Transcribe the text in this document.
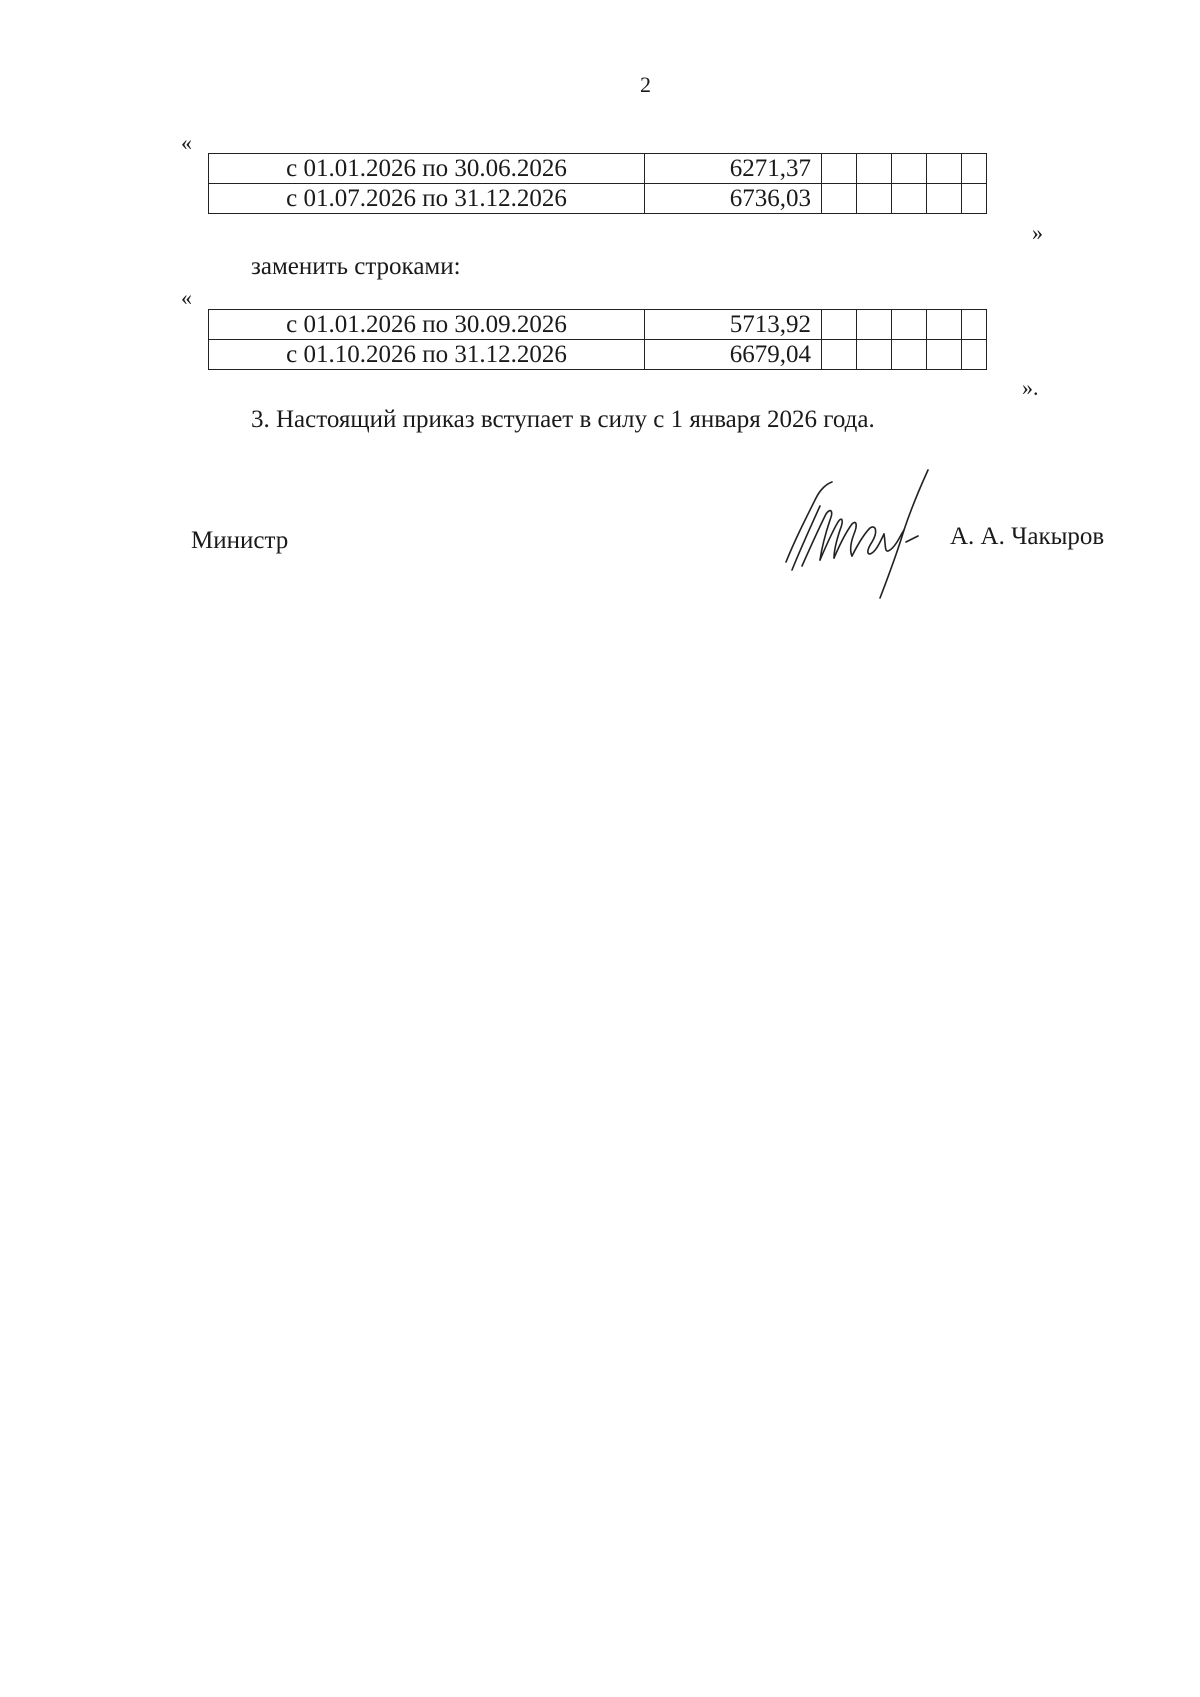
2
«
с 01.01.2026 по 30.06.2026	6271,37					
с 01.07.2026 по 31.12.2026	6736,03					
»
заменить строками:
«
с 01.01.2026 по 30.09.2026	5713,92					
с 01.10.2026 по 31.12.2026	6679,04					
».
3. Настоящий приказ вступает в силу с 1 января 2026 года.
Министр	А. А. Чакыров
